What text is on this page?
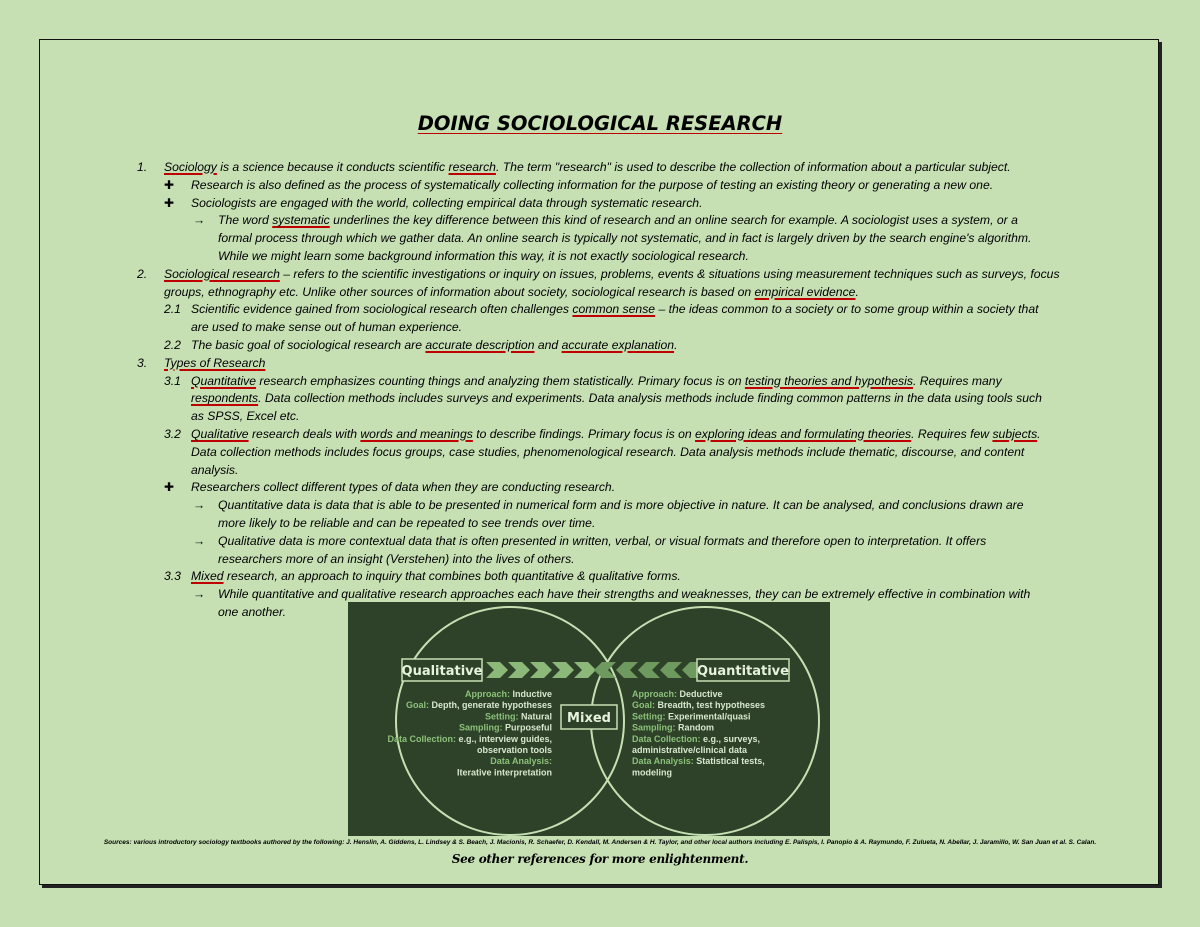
DOING SOCIOLOGICAL RESEARCH
1. Sociology is a science because it conducts scientific research. The term "research" is used to describe the collection of information about a particular subject.
✚ Research is also defined as the process of systematically collecting information for the purpose of testing an existing theory or generating a new one.
✚ Sociologists are engaged with the world, collecting empirical data through systematic research.
→ The word systematic underlines the key difference between this kind of research and an online search for example. A sociologist uses a system, or a
formal process through which we gather data. An online search is typically not systematic, and in fact is largely driven by the search engine's algorithm.
While we might learn some background information this way, it is not exactly sociological research.
2. Sociological research – refers to the scientific investigations or inquiry on issues, problems, events & situations using measurement techniques such as surveys, focus
groups, ethnography etc. Unlike other sources of information about society, sociological research is based on empirical evidence.
2.1 Scientific evidence gained from sociological research often challenges common sense – the ideas common to a society or to some group within a society that
are used to make sense out of human experience.
2.2 The basic goal of sociological research are accurate description and accurate explanation.
3. Types of Research
3.1 Quantitative research emphasizes counting things and analyzing them statistically. Primary focus is on testing theories and hypothesis. Requires many
respondents. Data collection methods includes surveys and experiments. Data analysis methods include finding common patterns in the data using tools such
as SPSS, Excel etc.
3.2 Qualitative research deals with words and meanings to describe findings. Primary focus is on exploring ideas and formulating theories. Requires few subjects.
Data collection methods includes focus groups, case studies, phenomenological research. Data analysis methods include thematic, discourse, and content
analysis.
✚ Researchers collect different types of data when they are conducting research.
→ Quantitative data is data that is able to be presented in numerical form and is more objective in nature. It can be analysed, and conclusions drawn are
more likely to be reliable and can be repeated to see trends over time.
→ Qualitative data is more contextual data that is often presented in written, verbal, or visual formats and therefore open to interpretation. It offers
researchers more of an insight (Verstehen) into the lives of others.
3.3 Mixed research, an approach to inquiry that combines both quantitative & qualitative forms.
→ While quantitative and qualitative research approaches each have their strengths and weaknesses, they can be extremely effective in combination with
one another.
Qualitative	Quantitative
Mixed
Approach: Inductive
Goal: Depth, generate hypotheses
Setting: Natural
Sampling: Purposeful
Data Collection: e.g., interview guides,
observation tools
Data Analysis:
Iterative interpretation
Approach: Deductive
Goal: Breadth, test hypotheses
Setting: Experimental/quasi
Sampling: Random
Data Collection: e.g., surveys,
administrative/clinical data
Data Analysis: Statistical tests,
modeling
Sources: various introductory sociology textbooks authored by the following: J. Henslin, A. Giddens, L. Lindsey & S. Beach, J. Macionis, R. Schaefer, D. Kendall, M. Andersen & H. Taylor, and other local authors including E. Palispis, I. Panopio & A. Raymundo, F. Zulueta, N. Abellar, J. Jaramillo, W. San Juan et al. S. Calan.
See other references for more enlightenment.
